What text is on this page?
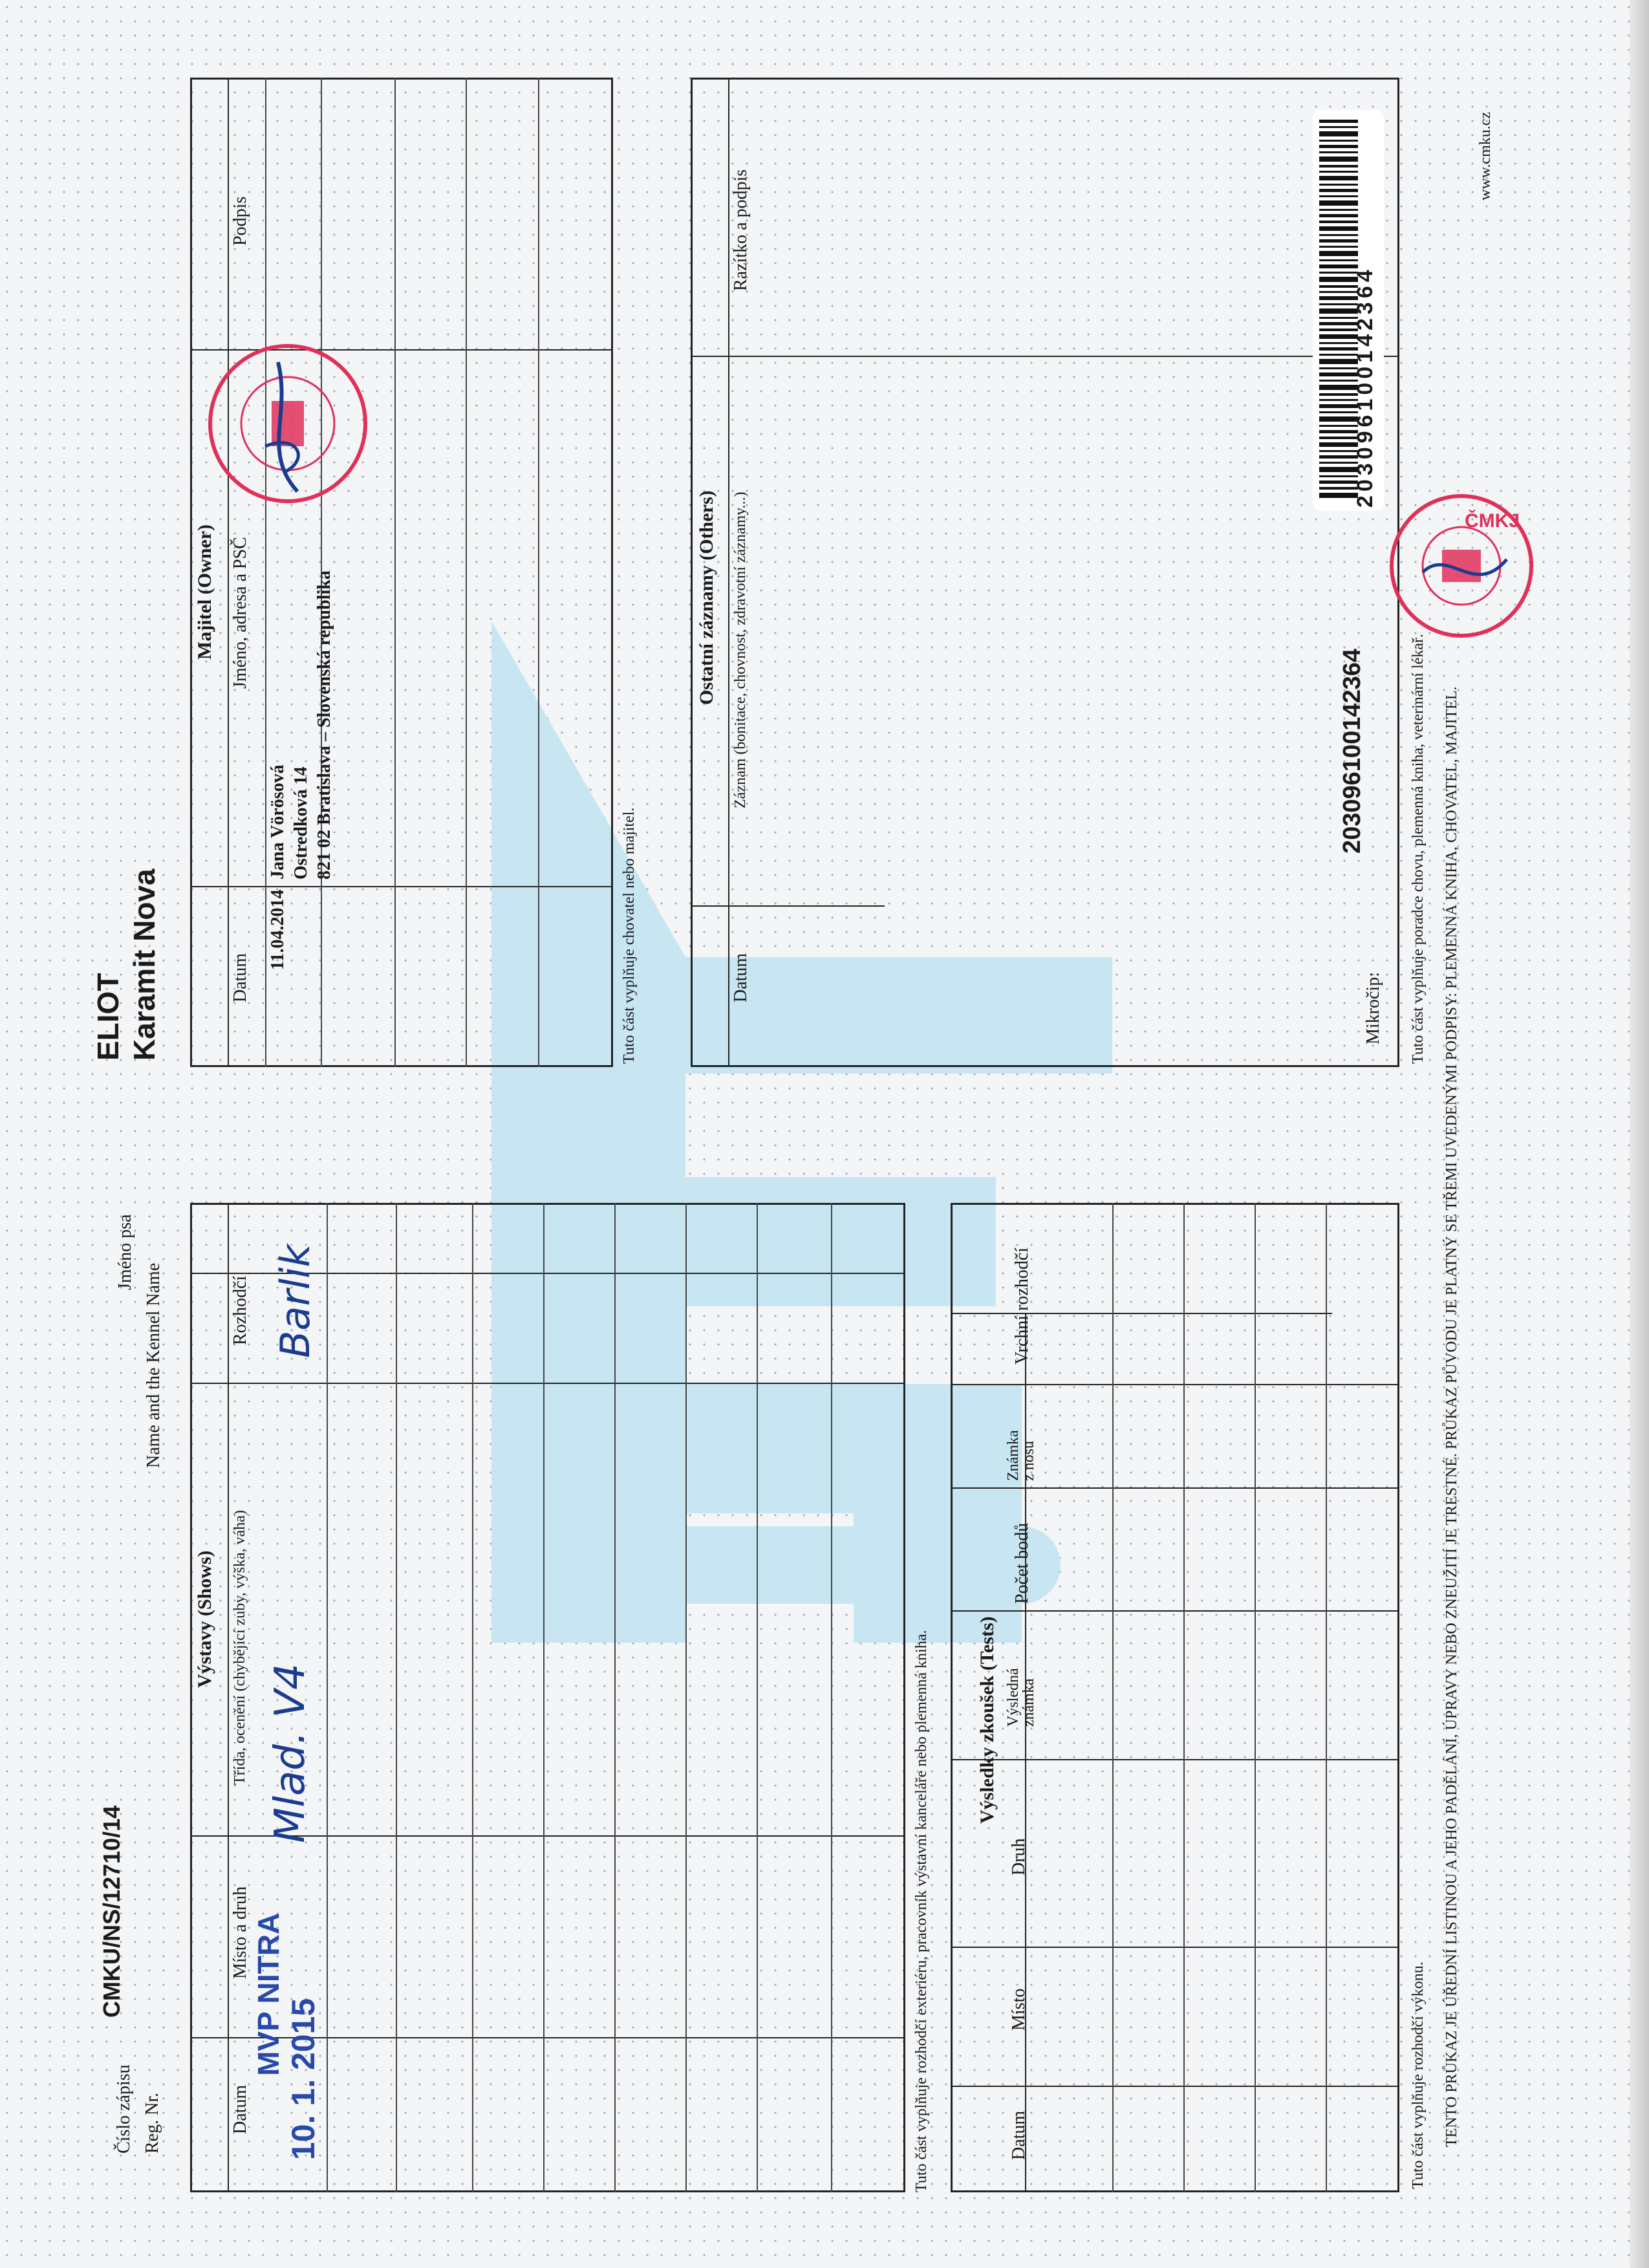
Číslo zápisu Reg. Nr.
CMKU/NS/12710/14
Jméno psa
Name and the Kennel Name
Výstavy (Shows)
Datum
Místo a druh
Třída, ocenění (chybějící zuby, výška, váha)
Rozhodčí
MVP NITRA
10. 1. 2015
Mlad. V4
Barlik
Tuto část vyplňuje rozhodčí exteriéru, pracovník výstavní kanceláře nebo plemenná kniha. Výsledky zkoušek (Tests)
Datum
Místo
Druh
Výsledná známka
Počet bodů
Známka z nosu
Vrchní rozhodčí
Tuto část vyplňuje rozhodčí výkonu.
ELIOT Karamit Nova
Majitel (Owner)
Datum
Jméno, adresa a PSČ
Podpis
11.04.2014
Jana Vörösová Ostredková 14 821 02 Bratislava – Slovenská republika
Tuto část vyplňuje chovatel nebo majitel.
Ostatní záznamy (Others)
Datum
Záznam (bonitace, chovnost, zdravotní záznamy...)
Razítko a podpis
Mikročip:
203096100142364
203096100142364
ČMKJ
Tuto část vyplňuje poradce chovu, plemenná kniha, veterinární lékař. TENTO PRŮKAZ JE ÚŘEDNÍ LISTINOU A JEHO PADĚLÁNÍ, ÚPRAVY NEBO ZNEUŽITÍ JE TRESTNÉ. PRŮKAZ PŮVODU JE PLATNÝ SE TŘEMI UVEDENÝMI PODPISY: PLEMENNÁ KNIHA, CHOVATEL, MAJITEL.
www.cmku.cz
